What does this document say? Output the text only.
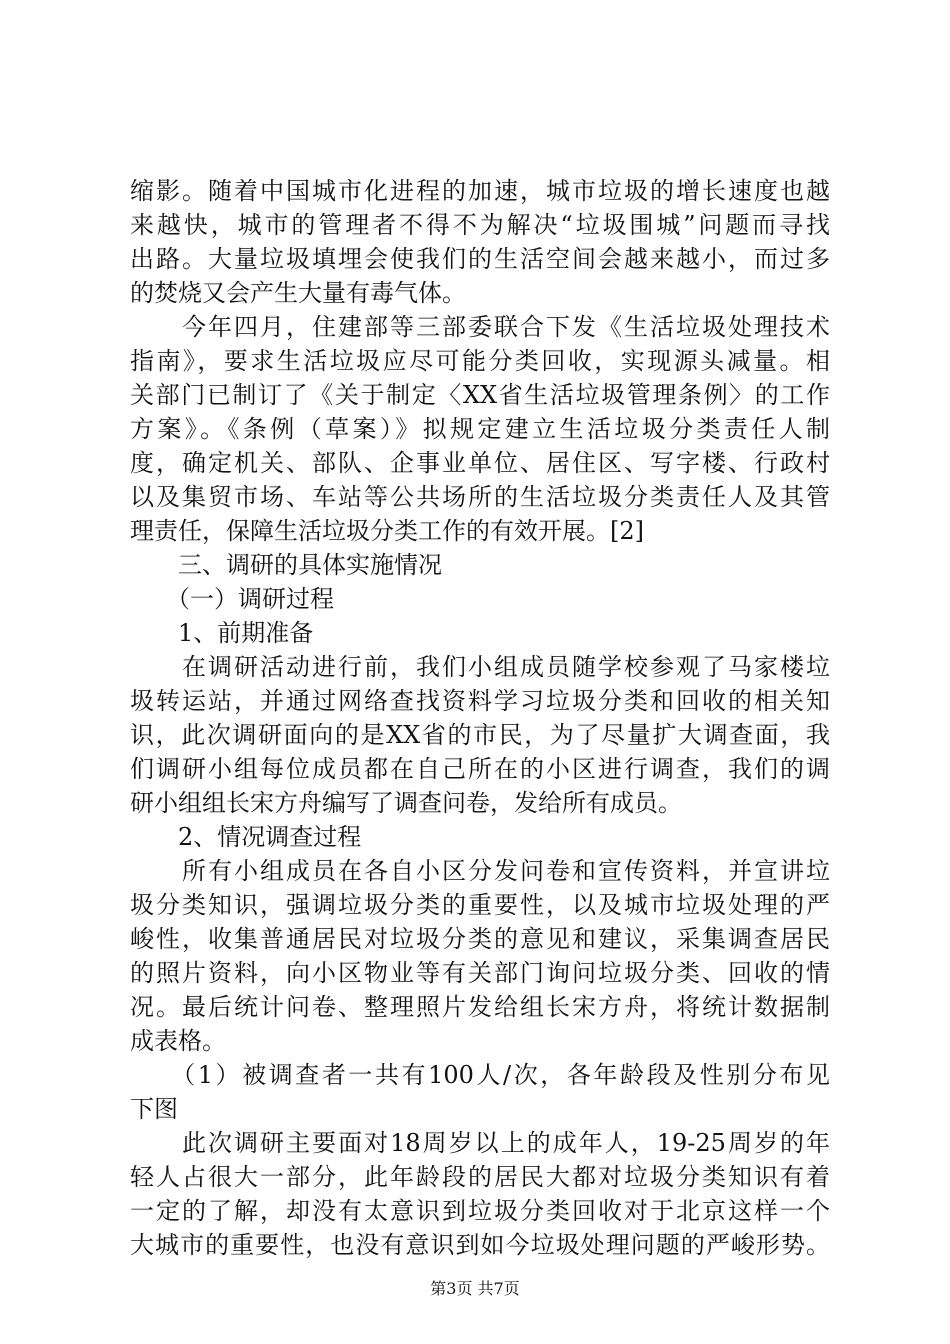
缩影。随着中国城市化进程的加速，城市垃圾的增长速度也越
来越快，城市的管理者不得不为解决“垃圾围城”问题而寻找
出路。大量垃圾填埋会使我们的生活空间会越来越小，而过多
的焚烧又会产生大量有毒气体。
　　今年四月，住建部等三部委联合下发《生活垃圾处理技术
指南》，要求生活垃圾应尽可能分类回收，实现源头减量。相
关部门已制订了《关于制定〈XX省生活垃圾管理条例〉的工作
方案》。《条例（草案）》拟规定建立生活垃圾分类责任人制
度，确定机关、部队、企事业单位、居住区、写字楼、行政村
以及集贸市场、车站等公共场所的生活垃圾分类责任人及其管
理责任，保障生活垃圾分类工作的有效开展。[2]
　　三、调研的具体实施情况
　　（一）调研过程
　　1、前期准备
　　在调研活动进行前，我们小组成员随学校参观了马家楼垃
圾转运站，并通过网络查找资料学习垃圾分类和回收的相关知
识，此次调研面向的是XX省的市民，为了尽量扩大调查面，我
们调研小组每位成员都在自己所在的小区进行调查，我们的调
研小组组长宋方舟编写了调查问卷，发给所有成员。
　　2、情况调查过程
　　所有小组成员在各自小区分发问卷和宣传资料，并宣讲垃
圾分类知识，强调垃圾分类的重要性，以及城市垃圾处理的严
峻性，收集普通居民对垃圾分类的意见和建议，采集调查居民
的照片资料，向小区物业等有关部门询问垃圾分类、回收的情
况。最后统计问卷、整理照片发给组长宋方舟，将统计数据制
成表格。
　　（1）被调查者一共有100人/次，各年龄段及性别分布见
下图
　　此次调研主要面对18周岁以上的成年人，19-25周岁的年
轻人占很大一部分，此年龄段的居民大都对垃圾分类知识有着
一定的了解，却没有太意识到垃圾分类回收对于北京这样一个
大城市的重要性，也没有意识到如今垃圾处理问题的严峻形势。
第3页 共7页
